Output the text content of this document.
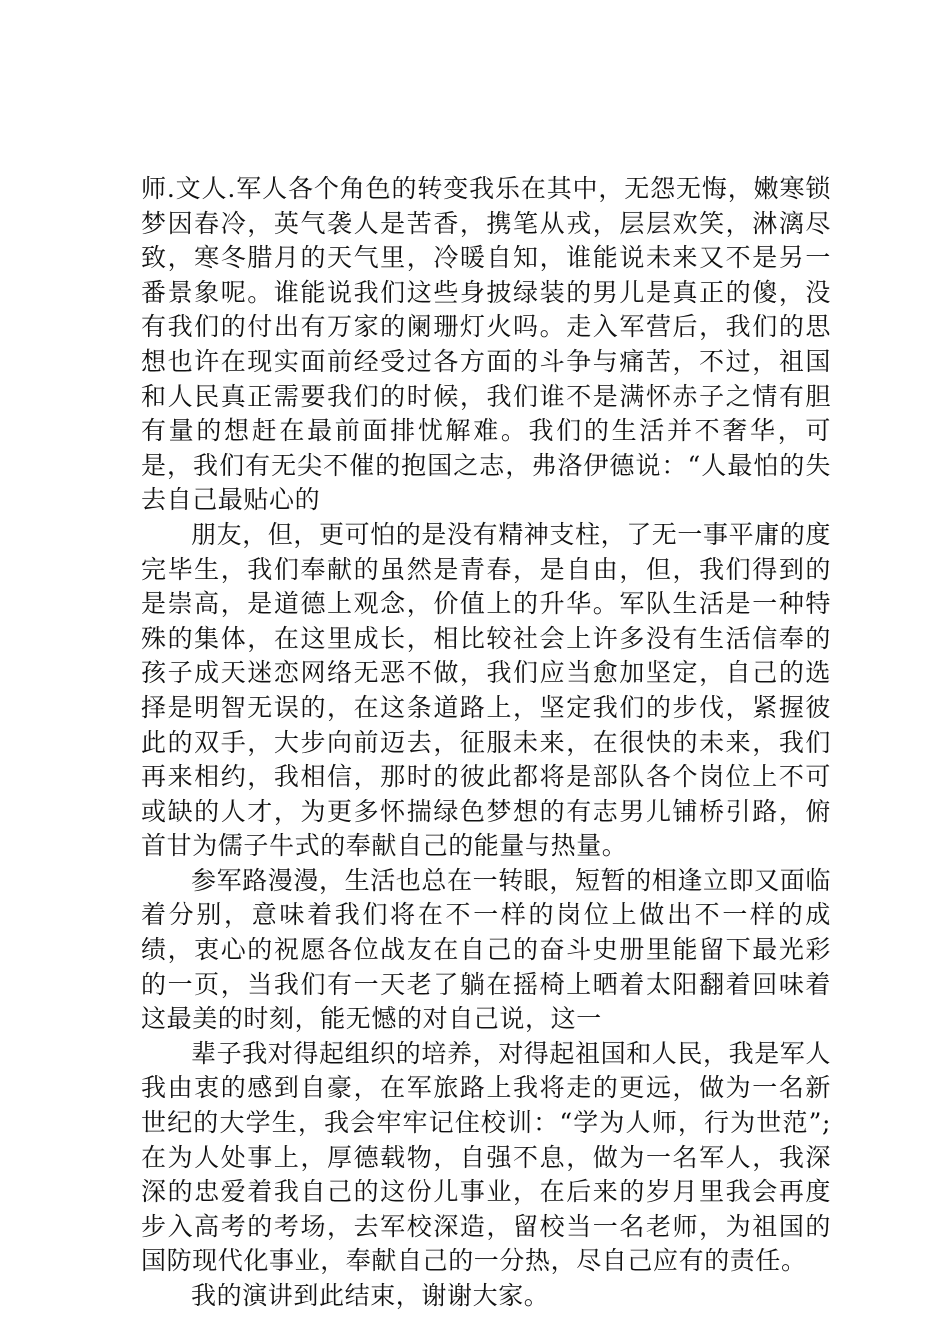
师.文人.军人各个角色的转变我乐在其中，无怨无悔，嫩寒锁梦因春冷，英气袭人是苦香，携笔从戎，层层欢笑，淋漓尽致，寒冬腊月的天气里，冷暖自知，谁能说未来又不是另一番景象呢。谁能说我们这些身披绿装的男儿是真正的傻，没有我们的付出有万家的阑珊灯火吗。走入军营后，我们的思想也许在现实面前经受过各方面的斗争与痛苦，不过，祖国和人民真正需要我们的时候，我们谁不是满怀赤子之情有胆有量的想赶在最前面排忧解难。我们的生活并不奢华，可是，我们有无尖不催的抱国之志，弗洛伊德说：“人最怕的失去自己最贴心的

朋友，但，更可怕的是没有精神支柱，了无一事平庸的度完毕生，我们奉献的虽然是青春，是自由，但，我们得到的是崇高，是道德上观念，价值上的升华。军队生活是一种特殊的集体，在这里成长，相比较社会上许多没有生活信奉的孩子成天迷恋网络无恶不做，我们应当愈加坚定，自己的选择是明智无误的，在这条道路上，坚定我们的步伐，紧握彼此的双手，大步向前迈去，征服未来，在很快的未来，我们再来相约，我相信，那时的彼此都将是部队各个岗位上不可或缺的人才，为更多怀揣绿色梦想的有志男儿铺桥引路，俯首甘为儒子牛式的奉献自己的能量与热量。

参军路漫漫，生活也总在一转眼，短暂的相逢立即又面临着分别，意味着我们将在不一样的岗位上做出不一样的成绩，衷心的祝愿各位战友在自己的奋斗史册里能留下最光彩的一页，当我们有一天老了躺在摇椅上晒着太阳翻着回味着这最美的时刻，能无憾的对自己说，这一

辈子我对得起组织的培养，对得起祖国和人民，我是军人我由衷的感到自豪，在军旅路上我将走的更远，做为一名新世纪的大学生，我会牢牢记住校训：“学为人师，行为世范”;在为人处事上，厚德载物，自强不息，做为一名军人，我深深的忠爱着我自己的这份儿事业，在后来的岁月里我会再度步入高考的考场，去军校深造，留校当一名老师，为祖国的国防现代化事业，奉献自己的一分热，尽自己应有的责任。

我的演讲到此结束，谢谢大家。
